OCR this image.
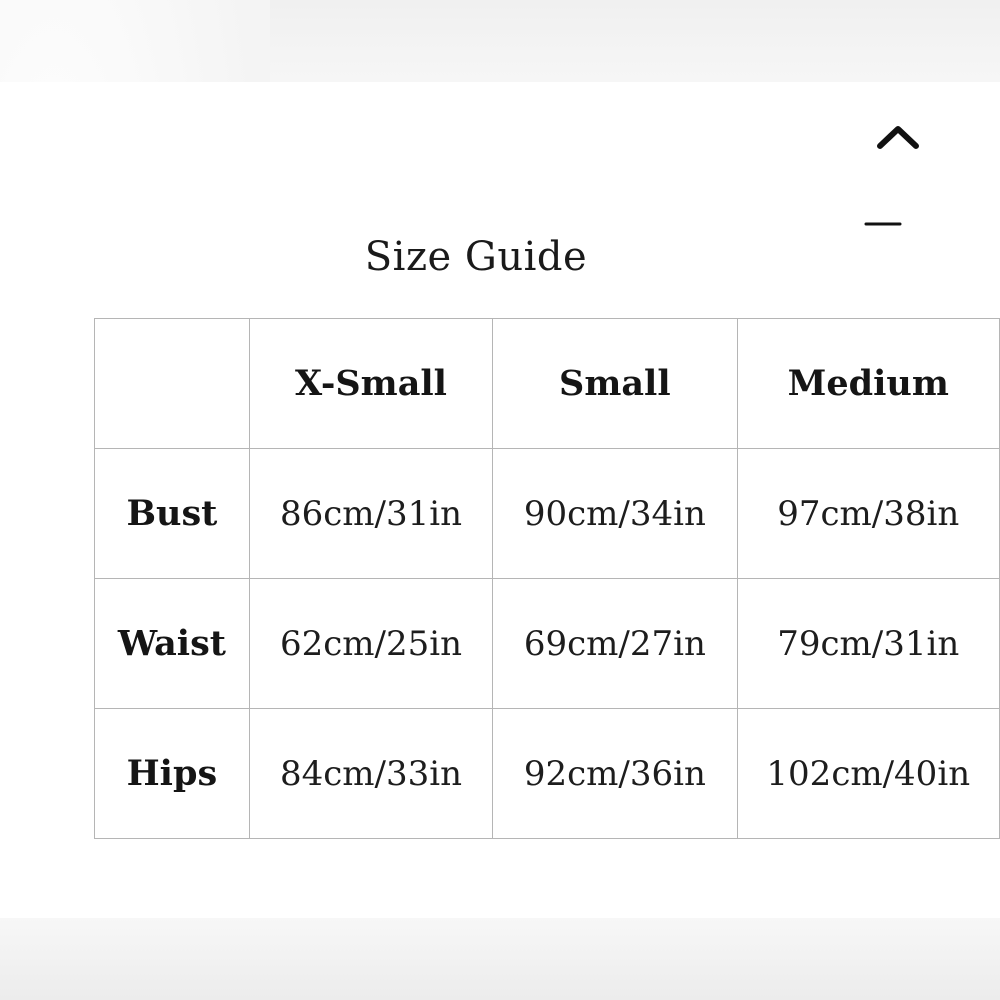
Size Guide
	X-Small	Small	Medium
Bust	86cm/31in	90cm/34in	97cm/38in
Waist	62cm/25in	69cm/27in	79cm/31in
Hips	84cm/33in	92cm/36in	102cm/40in
